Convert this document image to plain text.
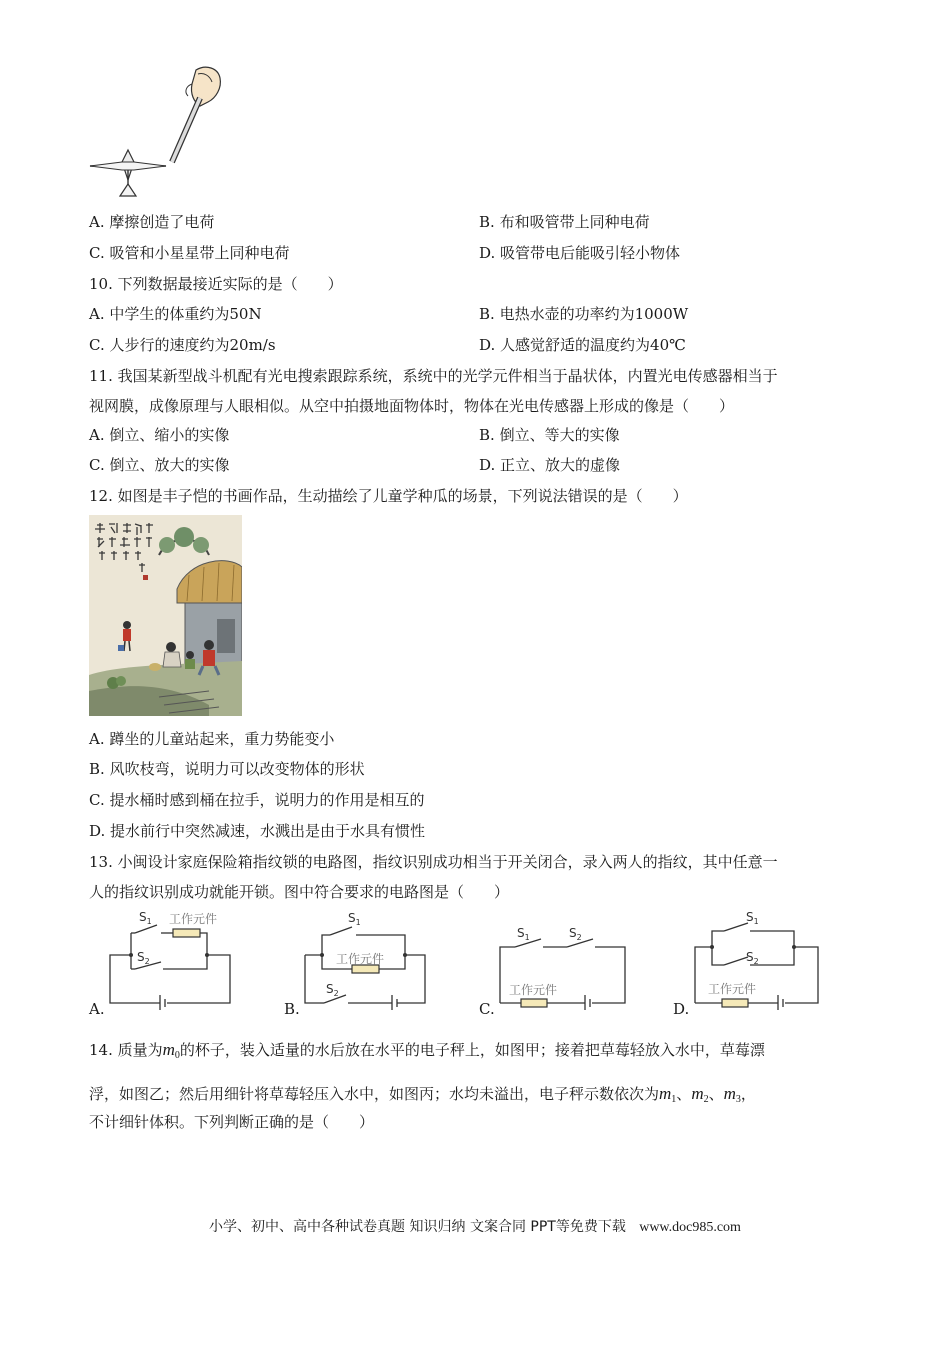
A. 摩擦创造了电荷	B. 布和吸管带上同种电荷
C. 吸管和小星星带上同种电荷	D. 吸管带电后能吸引轻小物体
10. 下列数据最接近实际的是（　　）
A. 中学生的体重约为50N	B. 电热水壶的功率约为1000W
C. 人步行的速度约为20m/s	D. 人感觉舒适的温度约为40℃
11. 我国某新型战斗机配有光电搜索跟踪系统，系统中的光学元件相当于晶状体，内置光电传感器相当于
视网膜，成像原理与人眼相似。从空中拍摄地面物体时，物体在光电传感器上形成的像是（　　）
A. 倒立、缩小的实像	B. 倒立、等大的实像
C. 倒立、放大的实像	D. 正立、放大的虚像
12. 如图是丰子恺的书画作品，生动描绘了儿童学种瓜的场景，下列说法错误的是（　　）
A. 蹲坐的儿童站起来，重力势能变小
B. 风吹枝弯，说明力可以改变物体的形状
C. 提水桶时感到桶在拉手，说明力的作用是相互的
D. 提水前行中突然减速，水溅出是由于水具有惯性
13. 小闽设计家庭保险箱指纹锁的电路图，指纹识别成功相当于开关闭合，录入两人的指纹，其中任意一
人的指纹识别成功就能开锁。图中符合要求的电路图是（　　）
A.
$S_1$ 工作元件
$S_2$
B.
$S_1$
工作元件
$S_2$
C.
$S_1$	$S_2$
工作元件
D.
$S_1$
$S_2$
工作元件
14. 质量为$m_0$的杯子，装入适量的水后放在水平的电子秤上，如图甲；接着把草莓轻放入水中，草莓漂
浮，如图乙；然后用细针将草莓轻压入水中，如图丙；水均未溢出，电子秤示数依次为$m_1$、$m_2$、$m_3$，
不计细针体积。下列判断正确的是（　　）
小学、初中、高中各种试卷真题 知识归纳 文案合同 PPT等免费下载 www.doc985.com
